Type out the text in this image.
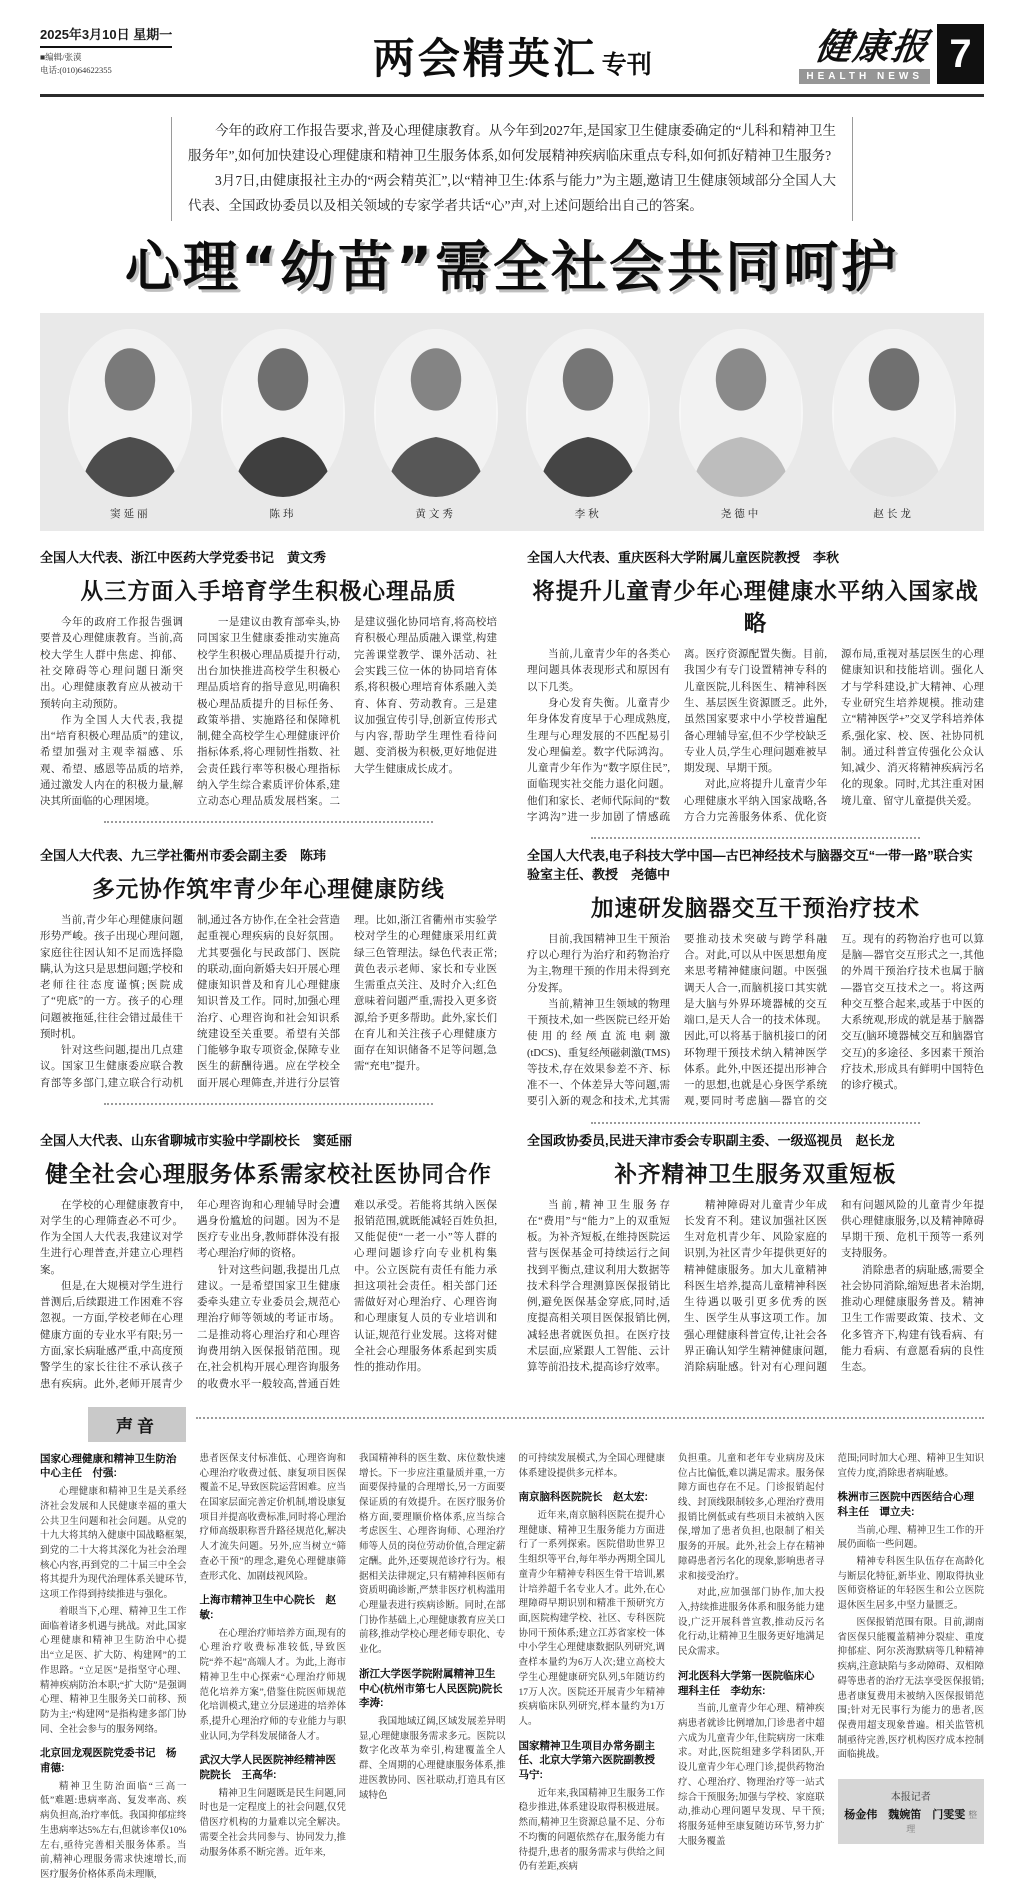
2025年3月10日 星期一
■编辑/张漠
电话:(010)64622355	两会精英汇 专刊	健康报
HEALTH NEWS
7

今年的政府工作报告要求,普及心理健康教育。从今年到2027年,是国家卫生健康委确定的“儿科和精神卫生服务年”,如何加快建设心理健康和精神卫生服务体系,如何发展精神疾病临床重点专科,如何抓好精神卫生服务?

3月7日,由健康报社主办的“两会精英汇”,以“精神卫生:体系与能力”为主题,邀请卫生健康领域部分全国人大代表、全国政协委员以及相关领域的专家学者共话“心”声,对上述问题给出自己的答案。

心理“幼苗”需全社会共同呵护
窦延丽	陈玮	黄文秀	李秋	尧德中	赵长龙
全国人大代表、浙江中医药大学党委书记　黄文秀
从三方面入手培育学生积极心理品质

今年的政府工作报告强调要普及心理健康教育。当前,高校大学生人群中焦虑、抑郁、社交障碍等心理问题日渐突出。心理健康教育应从被动干预转向主动预防。

作为全国人大代表,我提出“培育积极心理品质”的建议,希望加强对主观幸福感、乐观、希望、感恩等品质的培养,通过激发人内在的积极力量,解决其所面临的心理困境。

一是建议由教育部牵头,协同国家卫生健康委推动实施高校学生积极心理品质提升行动,出台加快推进高校学生积极心理品质培育的指导意见,明确积极心理品质提升的目标任务、政策举措、实施路径和保障机制,健全高校学生心理健康评价指标体系,将心理韧性指数、社会责任践行率等积极心理指标纳入学生综合素质评价体系,建立动态心理品质发展档案。二是建议强化协同培育,将高校培育积极心理品质融入课堂,构建完善课堂教学、课外活动、社会实践三位一体的协同培育体系,将积极心理培育体系融入美育、体育、劳动教育。三是建议加强宣传引导,创新宣传形式与内容,帮助学生理性看待问题、变消极为积极,更好地促进大学生健康成长成才。

全国人大代表、重庆医科大学附属儿童医院教授　李秋
将提升儿童青少年心理健康水平纳入国家战略

当前,儿童青少年的各类心理问题具体表现形式和原因有以下几类。

身心发育失衡。儿童青少年身体发育度早于心理成熟度,生理与心理发展的不匹配易引发心理偏差。数字代际鸿沟。儿童青少年作为“数字原住民”,面临现实社交能力退化问题。他们和家长、老师代际间的“数字鸿沟”进一步加剧了情感疏离。医疗资源配置失衡。目前,我国少有专门设置精神专科的儿童医院,儿科医生、精神科医生、基层医生资源匮乏。此外,虽然国家要求中小学校普遍配备心理辅导室,但不少学校缺乏专业人员,学生心理问题难被早期发现、早期干预。

对此,应将提升儿童青少年心理健康水平纳入国家战略,各方合力完善服务体系、优化资源布局,重视对基层医生的心理健康知识和技能培训。强化人才与学科建设,扩大精神、心理专业研究生培养规模。推动建立“精神医学+”交叉学科培养体系,强化家、校、医、社协同机制。通过科普宣传强化公众认知,减少、消灭将精神疾病污名化的现象。同时,尤其注重对困境儿童、留守儿童提供关爱。

全国人大代表、九三学社衢州市委会副主委　陈玮
多元协作筑牢青少年心理健康防线

当前,青少年心理健康问题形势严峻。孩子出现心理问题,家庭往往因认知不足而选择隐瞒,认为这只是思想问题;学校和老师往往态度谨慎;医院成了“兜底”的一方。孩子的心理问题被拖延,往往会错过最佳干预时机。

针对这些问题,提出几点建议。国家卫生健康委应联合教育部等多部门,建立联合行动机制,通过各方协作,在全社会营造起重视心理疾病的良好氛围。尤其要强化与民政部门、医院的联动,面向新婚夫妇开展心理健康知识普及和育儿心理健康知识普及工作。同时,加强心理治疗、心理咨询和社会知识系统建设至关重要。希望有关部门能够争取专项资金,保障专业医生的薪酬待遇。应在学校全面开展心理筛查,并进行分层管理。比如,浙江省衢州市实验学校对学生的心理健康采用红黄绿三色管理法。绿色代表正常;黄色表示老师、家长和专业医生需重点关注、及时介入;红色意味着问题严重,需投入更多资源,给予更多帮助。此外,家长们在育儿和关注孩子心理健康方面存在知识储备不足等问题,急需“充电”提升。

全国人大代表,电子科技大学中国—古巴神经技术与脑器交互“一带一路”联合实验室主任、教授　尧德中
加速研发脑器交互干预治疗技术

目前,我国精神卫生干预治疗以心理行为治疗和药物治疗为主,物理干预的作用未得到充分发挥。

当前,精神卫生领域的物理干预技术,如一些医院已经开始使用的经颅直流电刺激(tDCS)、重复经颅磁刺激(TMS)等技术,存在效果参差不齐、标准不一、个体差异大等问题,需要引入新的观念和技术,尤其需要推动技术突破与跨学科融合。对此,可以从中医思想角度来思考精神健康问题。中医强调天人合一,而脑机接口其实就是大脑与外界环境器械的交互端口,是天人合一的技术体现。因此,可以将基于脑机接口的闭环物理干预技术纳入精神医学体系。此外,中医还提出形神合一的思想,也就是心身医学系统观,要同时考虑脑—器官的交互。现有的药物治疗也可以算是脑—器官交互形式之一,其他的外周干预治疗技术也属于脑—器官交互技术之一。将这两种交互整合起来,或基于中医的大系统观,形成的就是基于脑器交互(脑环境器械交互和脑器官交互)的多途径、多因素干预治疗技术,形成具有鲜明中国特色的诊疗模式。

全国人大代表、山东省聊城市实验中学副校长　窦延丽
健全社会心理服务体系需家校社医协同合作

在学校的心理健康教育中,对学生的心理筛查必不可少。作为全国人大代表,我建议对学生进行心理普查,并建立心理档案。

但是,在大规模对学生进行普测后,后续跟进工作困难不容忽视。一方面,学校老师在心理健康方面的专业水平有限;另一方面,家长病耻感严重,中高度预警学生的家长往往不承认孩子患有疾病。此外,老师开展青少年心理咨询和心理辅导时会遭遇身份尴尬的问题。因为不是医疗专业出身,教师群体没有报考心理治疗师的资格。

针对这些问题,我提出几点建议。一是希望国家卫生健康委牵头建立专业委员会,规范心理治疗师等领域的考证市场。二是推动将心理治疗和心理咨询费用纳入医保报销范围。现在,社会机构开展心理咨询服务的收费水平一般较高,普通百姓难以承受。若能将其纳入医保报销范围,就既能减轻百姓负担,又能促使“一老一小”等人群的心理问题诊疗向专业机构集中。公立医院有责任有能力承担这项社会责任。相关部门还需做好对心理治疗、心理咨询和心理康复人员的专业培训和认证,规范行业发展。这将对健全社会心理服务体系起到实质性的推动作用。

全国政协委员,民进天津市委会专职副主委、一级巡视员　赵长龙
补齐精神卫生服务双重短板

当前,精神卫生服务存在“费用”与“能力”上的双重短板。为补齐短板,在维持医院运营与医保基金可持续运行之间找到平衡点,建议利用大数据等技术科学合理测算医保报销比例,避免医保基金穿底,同时,适度提高相关项目医保报销比例,减轻患者就医负担。在医疗技术层面,应紧跟人工智能、云计算等前沿技术,提高诊疗效率。

精神障碍对儿童青少年成长发育不利。建议加强社区医生对危机青少年、风险家庭的识别,为社区青少年提供更好的精神健康服务。加大儿童精神科医生培养,提高儿童精神科医生待遇以吸引更多优秀的医生、医学生从事这项工作。加强心理健康科普宣传,让社会各界正确认知学生精神健康问题,消除病耻感。针对有心理问题和有问题风险的儿童青少年提供心理健康服务,以及精神障碍早期干预、危机干预等一系列支持服务。

消除患者的病耻感,需要全社会协同消除,缩短患者未治期,推动心理健康服务普及。精神卫生工作需要政策、技术、文化多管齐下,构建有钱看病、有能力看病、有意愿看病的良性生态。

声音

国家心理健康和精神卫生防治中心主任　付强:

心理健康和精神卫生是关系经济社会发展和人民健康幸福的重大公共卫生问题和社会问题。从党的十九大将其纳入健康中国战略框架,到党的二十大将其深化为社会治理核心内容,再到党的二十届三中全会将其提升为现代治理体系关键环节,这项工作得到持续推进与强化。

着眼当下,心理、精神卫生工作面临着诸多机遇与挑战。对此,国家心理健康和精神卫生防治中心提出“立足医、扩大防、构建网”的工作思路。“立足医”是指坚守心理、精神疾病防治本职;“扩大防”是强调心理、精神卫生服务关口前移、预防为主;“构建网”是指构建多部门协同、全社会参与的服务网络。

北京回龙观医院党委书记　杨甫德:

精神卫生防治面临“三高一低”难题:患病率高、复发率高、疾病负担高,治疗率低。我国抑郁症终生患病率达5%左右,但就诊率仅10%左右,亟待完善相关服务体系。当前,精神心理服务需求快速增长,而医疗服务价格体系尚未理顺,

患者医保支付标准低、心理咨询和心理治疗收费过低、康复项目医保覆盖不足,导致医院运营困难。应当在国家层面完善定价机制,增设康复项目并提高收费标准,同时将心理治疗师高级职称晋升路径规范化,解决人才流失问题。另外,应当树立“筛查必干预”的理念,避免心理健康筛查形式化、加剧歧视风险。

上海市精神卫生中心院长　赵敏:

在心理治疗师培养方面,现有的心理治疗收费标准较低,导致医院“养不起”高端人才。为此,上海市精神卫生中心探索“心理治疗师规范化培养方案”,借鉴住院医师规范化培训模式,建立分层递进的培养体系,提升心理治疗师的专业能力与职业认同,为学科发展储备人才。

武汉大学人民医院神经精神医院院长　王高华:

精神卫生问题既是民生问题,同时也是一定程度上的社会问题,仅凭借医疗机构的力量难以完全解决。需要全社会共同参与、协同发力,推动服务体系不断完善。近年来,

我国精神科的医生数、床位数快速增长。下一步应注重量质并重,一方面要保持量的合理增长,另一方面要保证质的有效提升。在医疗服务价格方面,要理顺价格体系,应当综合考虑医生、心理咨询师、心理治疗师等人员的岗位劳动价值,合理定薪定酬。此外,还要规范诊疗行为。根据相关法律规定,只有精神科医师有资质明确诊断,严禁非医疗机构滥用心理量表进行疾病诊断。同时,在部门协作基础上,心理健康教育应关口前移,推动学校心理老师专职化、专业化。

浙江大学医学院附属精神卫生中心(杭州市第七人民医院)院长　李涛:

我国地域辽阔,区域发展差异明显,心理健康服务需求多元。医院以数字化改革为牵引,构建覆盖全人群、全周期的心理健康服务体系,推进医教协同、医社联动,打造具有区域特色

的可持续发展模式,为全国心理健康体系建设提供多元样本。

南京脑科医院院长　赵太宏:

近年来,南京脑科医院在提升心理健康、精神卫生服务能力方面进行了一系列探索。医院借助世界卫生组织等平台,每年举办两期全国儿童青少年精神专科医生骨干培训,累计培养超千名专业人才。此外,在心理障碍早期识别和精准干预研究方面,医院构建学校、社区、专科医院协同干预体系;建立江苏省家校一体中小学生心理健康数据队列研究,调查样本量约为6万人次;建立高校大学生心理健康研究队列,5年随访约17万人次。医院还开展青少年精神疾病临床队列研究,样本量约为1万人。

国家精神卫生项目办常务副主任、北京大学第六医院副教授　马宁:

近年来,我国精神卫生服务工作稳步推进,体系建设取得积极进展。然而,精神卫生资源总量不足、分布不均衡的问题依然存在,服务能力有待提升,患者的服务需求与供给之间仍有差距,疾病

负担重。儿童和老年专业病房及床位占比偏低,难以满足需求。服务保障方面也存在不足。门诊报销起付线、封顶线限制较多,心理治疗费用报销比例低或有些项目未被纳入医保,增加了患者负担,也限制了相关服务的开展。此外,社会上存在精神障碍患者污名化的现象,影响患者寻求和接受治疗。

对此,应加强部门协作,加大投入,持续推进服务体系和服务能力建设,广泛开展科普宣教,推动反污名化行动,让精神卫生服务更好地满足民众需求。

河北医科大学第一医院临床心理科主任　李幼东:

当前,儿童青少年心理、精神疾病患者就诊比例增加,门诊患者中超六成为儿童青少年,住院病房一床难求。对此,医院组建多学科团队,开设儿童青少年心理门诊,提供药物治疗、心理治疗、物理治疗等一站式综合干预服务;加强与学校、家庭联动,推动心理问题早发现、早干预;将服务延伸至康复随访环节,努力扩大服务覆盖

范围;同时加大心理、精神卫生知识宣传力度,消除患者病耻感。

株洲市三医院中西医结合心理科主任　谭立夫:

当前,心理、精神卫生工作的开展仍面临一些问题。

精神专科医生队伍存在高龄化与断层化特征,新毕业、刚取得执业医师资格证的年轻医生和公立医院退休医生居多,中坚力量匮乏。

医保报销范围有限。目前,湖南省医保只能覆盖精神分裂症、重度抑郁症、阿尔茨海默病等几种精神疾病,注意缺陷与多动障碍、双相障碍等患者的治疗无法享受医保报销;患者康复费用未被纳入医保报销范围;针对无民事行为能力的患者,医保费用超支现象普遍。相关监管机制亟待完善,医疗机构医疗成本控制面临挑战。

本报记者
杨金伟　魏婉笛　门雯雯 整理
